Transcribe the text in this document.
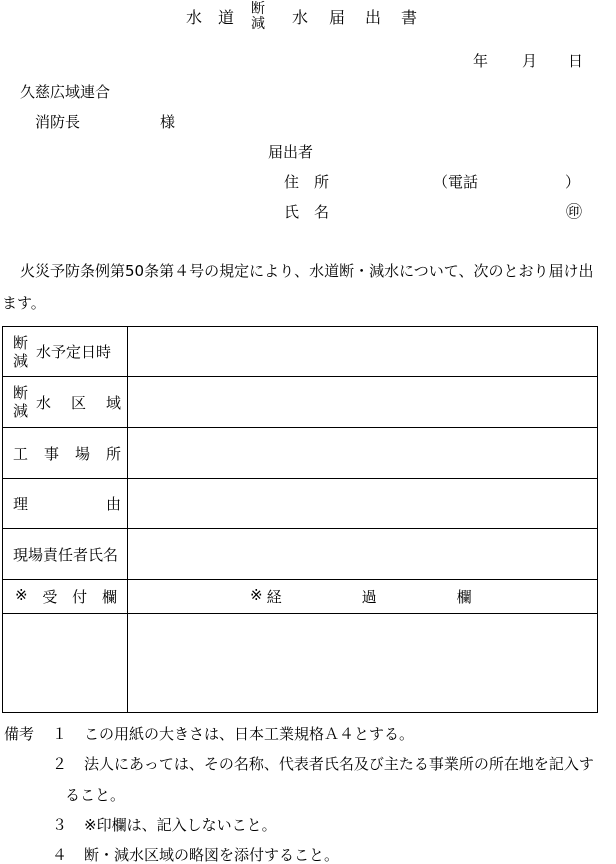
水 道 断
減 水 届 出 書
年 月 日
久慈広域連合
消防長	様
届出者
住 所	（電話	）
氏 名	㊞
火災予防条例第50条第４号の規定により、水道断・減水について、次のとおり届け出
ます。
断
減 水予定日時	

断
減 水 区 域	

工 事 場 所	

理 由	

現場責任者氏名	

※ 受 付 欄	※ 経 過 欄

備考 １ この用紙の大きさは、日本工業規格Ａ４とする。
２ 法人にあっては、その名称、代表者氏名及び主たる事業所の所在地を記入す
ること。
３ ※印欄は、記入しないこと。
４ 断・減水区域の略図を添付すること。
